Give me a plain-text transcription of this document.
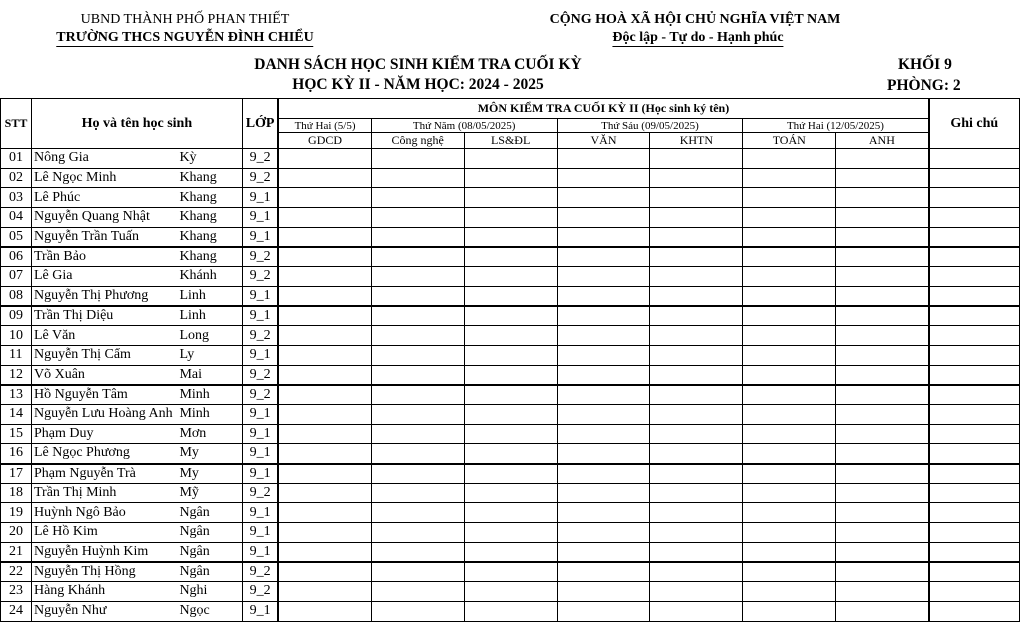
UBND THÀNH PHỐ PHAN THIẾT
TRƯỜNG THCS NGUYỄN ĐÌNH CHIỂU
CỘNG HOÀ XÃ HỘI CHỦ NGHĨA VIỆT NAM
Độc lập - Tự do - Hạnh phúc
DANH SÁCH HỌC SINH KIỂM TRA CUỐI KỲ
HỌC KỲ II - NĂM HỌC: 2024 - 2025
KHỐI 9
PHÒNG: 2
STT	Họ và tên học sinh		LỚP	MÔN KIỂM TRA CUỐI KỲ II (Học sinh ký tên)							Ghi chú
				Thứ Hai (5/5)	Thứ Năm (08/05/2025)		Thứ Sáu (09/05/2025)		Thứ Hai (12/05/2025)		
				GDCD	Công nghệ	LS&ĐL	VĂN	KHTN	TOÁN	ANH	
01	Nông Gia	Kỳ	9_2								
02	Lê Ngọc Minh	Khang	9_2								
03	Lê Phúc	Khang	9_1								
04	Nguyễn Quang Nhật	Khang	9_1								
05	Nguyễn Trần Tuấn	Khang	9_1								
06	Trần Bảo	Khang	9_2								
07	Lê Gia	Khánh	9_2								
08	Nguyễn Thị Phương	Linh	9_1								
09	Trần Thị Diệu	Linh	9_1								
10	Lê Văn	Long	9_2								
11	Nguyễn Thị Cẩm	Ly	9_1								
12	Võ Xuân	Mai	9_2								
13	Hồ Nguyễn Tâm	Minh	9_2								
14	Nguyễn Lưu Hoàng Anh	Minh	9_1								
15	Phạm Duy	Mơn	9_1								
16	Lê Ngọc Phương	My	9_1								
17	Phạm Nguyễn Trà	My	9_1								
18	Trần Thị Minh	Mỹ	9_2								
19	Huỳnh Ngô Bảo	Ngân	9_1								
20	Lê Hồ Kim	Ngân	9_1								
21	Nguyễn Huỳnh Kim	Ngân	9_1								
22	Nguyễn Thị Hồng	Ngân	9_2								
23	Hàng Khánh	Nghi	9_2								
24	Nguyễn Như	Ngọc	9_1								
